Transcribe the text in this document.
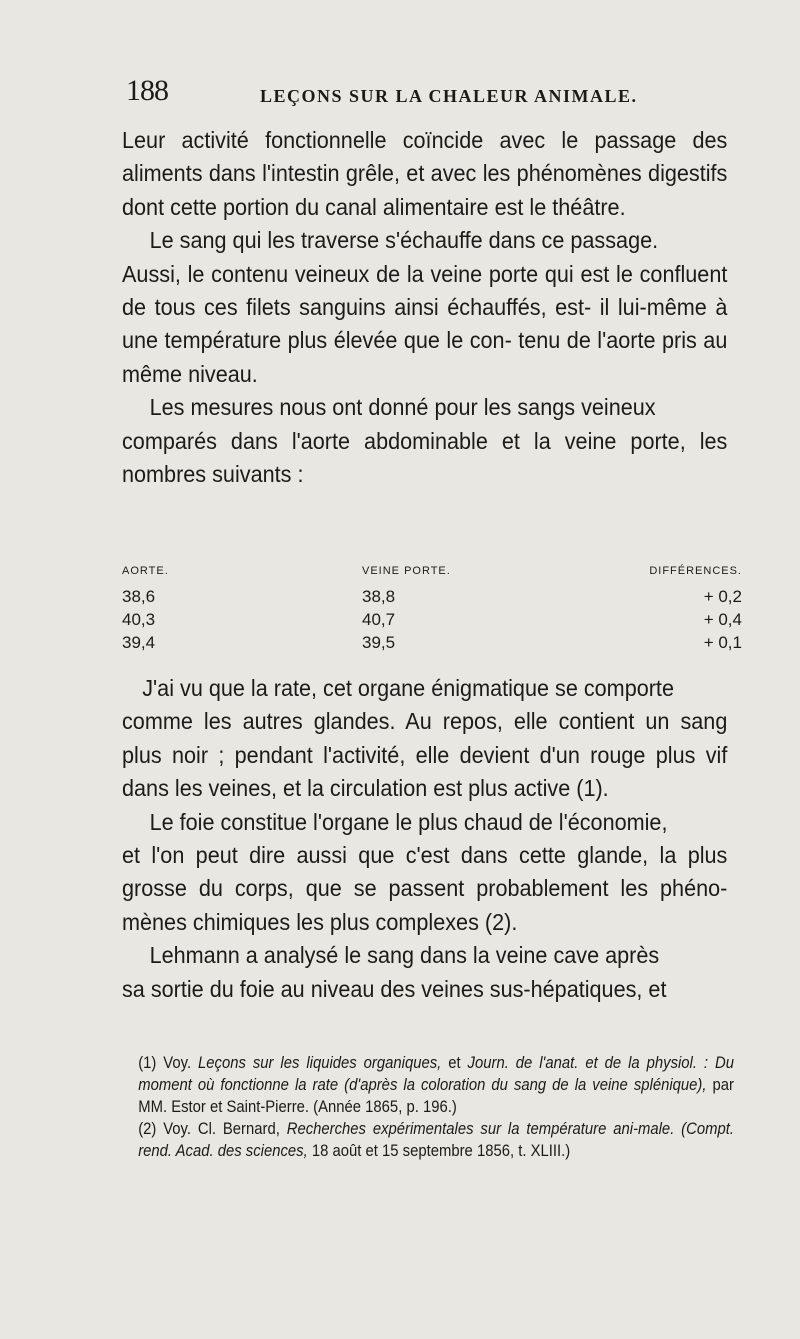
188	LEÇONS SUR LA CHALEUR ANIMALE.

Leur activité fonctionnelle coïncide avec le passage des aliments dans l'intestin grêle, et avec les phénomènes digestifs dont cette portion du canal alimentaire est le théâtre.

Le sang qui les traverse s'échauffe dans ce passage.

Aussi, le contenu veineux de la veine porte qui est le confluent de tous ces filets sanguins ainsi échauffés, est- il lui-même à une température plus élevée que le con- tenu de l'aorte pris au même niveau.

Les mesures nous ont donné pour les sangs veineux

comparés dans l'aorte abdominable et la veine porte, les nombres suivants :

AORTE.	VEINE PORTE.	DIFFÉRENCES.
38,6	38,8	+ 0,2
40,3	40,7	+ 0,4
39,4	39,5	+ 0,1

J'ai vu que la rate, cet organe énigmatique se comporte

comme les autres glandes. Au repos, elle contient un sang plus noir ; pendant l'activité, elle devient d'un rouge plus vif dans les veines, et la circulation est plus active (1).

Le foie constitue l'organe le plus chaud de l'économie,

et l'on peut dire aussi que c'est dans cette glande, la plus grosse du corps, que se passent probablement les phéno- mènes chimiques les plus complexes (2).

Lehmann a analysé le sang dans la veine cave après

sa sortie du foie au niveau des veines sus-hépatiques, et

(1) Voy. Leçons sur les liquides organiques, et Journ. de l'anat. et de la physiol. : Du moment où fonctionne la rate (d'après la coloration du sang de la veine splénique), par MM. Estor et Saint-Pierre. (Année 1865, p. 196.)

(2) Voy. Cl. Bernard, Recherches expérimentales sur la température ani-male. (Compt. rend. Acad. des sciences, 18 août et 15 septembre 1856, t. XLIII.)
